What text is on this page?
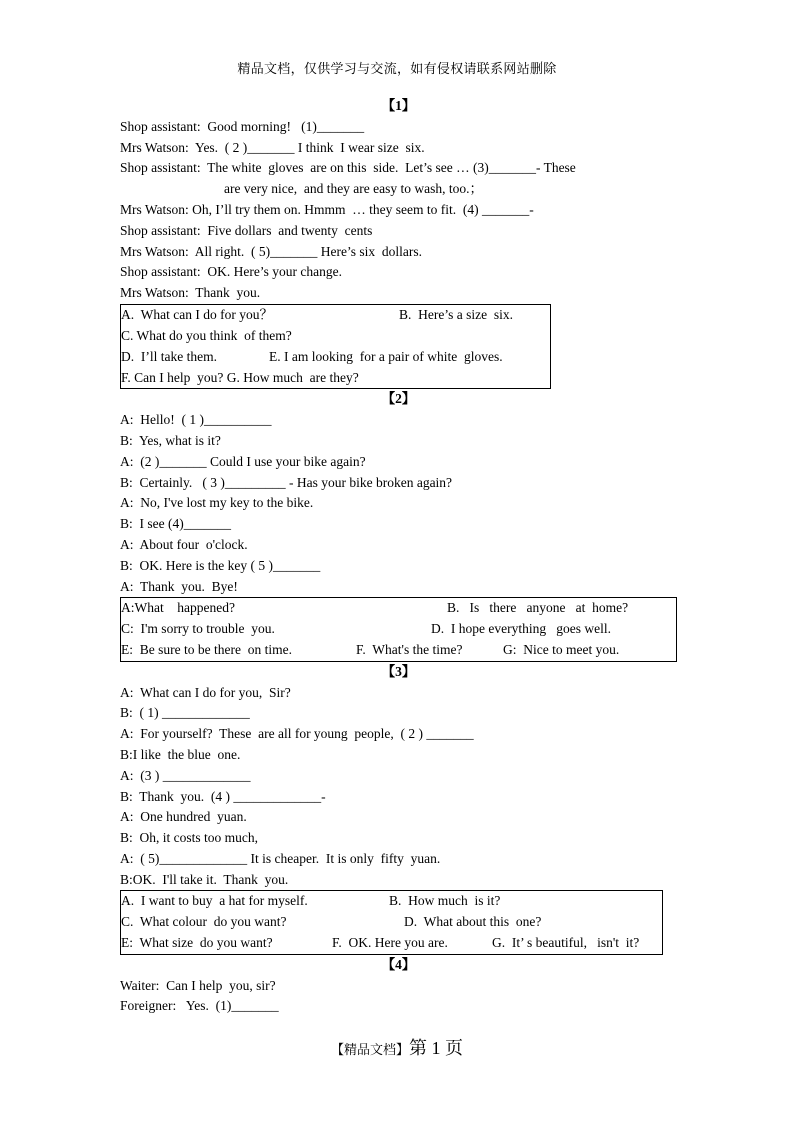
精品文档，仅供学习与交流，如有侵权请联系网站删除
【1】
Shop assistant:  Good morning!   (1)_______
Mrs Watson:  Yes.  ( 2 )_______ I think  I wear size  six.
Shop assistant:  The white  gloves  are on this  side.  Let’s see … (3)_______- These
are very nice,  and they are easy to wash, too.；
Mrs Watson: Oh, I’ll try them on. Hmmm  … they seem to fit.  (4) _______-
Shop assistant:  Five dollars  and twenty  cents
Mrs Watson:  All right.  ( 5)_______ Here’s six  dollars.
Shop assistant:  OK. Here’s your change.
Mrs Watson:  Thank  you.
A.  What can I do for you？	B.  Here’s a size  six.
C. What do you think  of them?
D.  I’ll take them.	E. I am looking  for a pair of white  gloves.
F. Can I help  you? G. How much  are they?
【2】
A:  Hello!  ( 1 )__________
B:  Yes, what is it?
A:  (2 )_______ Could I use your bike again?
B:  Certainly.   ( 3 )_________ - Has your bike broken again?
A:  No, I've lost my key to the bike.
B:  I see (4)_______
A:  About four  o'clock.
B:  OK. Here is the key ( 5 )_______
A:  Thank  you.  Bye!
A:What    happened?	B.   Is   there   anyone   at  home?
C:  I'm sorry to trouble  you.	D.  I hope everything   goes well.
E:  Be sure to be there  on time.	F.  What's the time?	G:  Nice to meet you.
【3】
A:  What can I do for you,  Sir?
B:  ( 1) _____________
A:  For yourself?  These  are all for young  people,  ( 2 ) _______
B:I like  the blue  one.
A:  (3 ) _____________
B:  Thank  you.  (4 ) _____________-
A:  One hundred  yuan.
B:  Oh, it costs too much,
A:  ( 5)_____________ It is cheaper.  It is only  fifty  yuan.
B:OK.  I'll take it.  Thank  you.
A.  I want to buy  a hat for myself.	B.  How much  is it?
C.  What colour  do you want?	D.  What about this  one?
E:  What size  do you want?	F.  OK. Here you are.	G.  It’ s beautiful,   isn't  it?
【4】
Waiter:  Can I help  you, sir?
Foreigner:   Yes.  (1)_______
【精品文档】第 1 页
